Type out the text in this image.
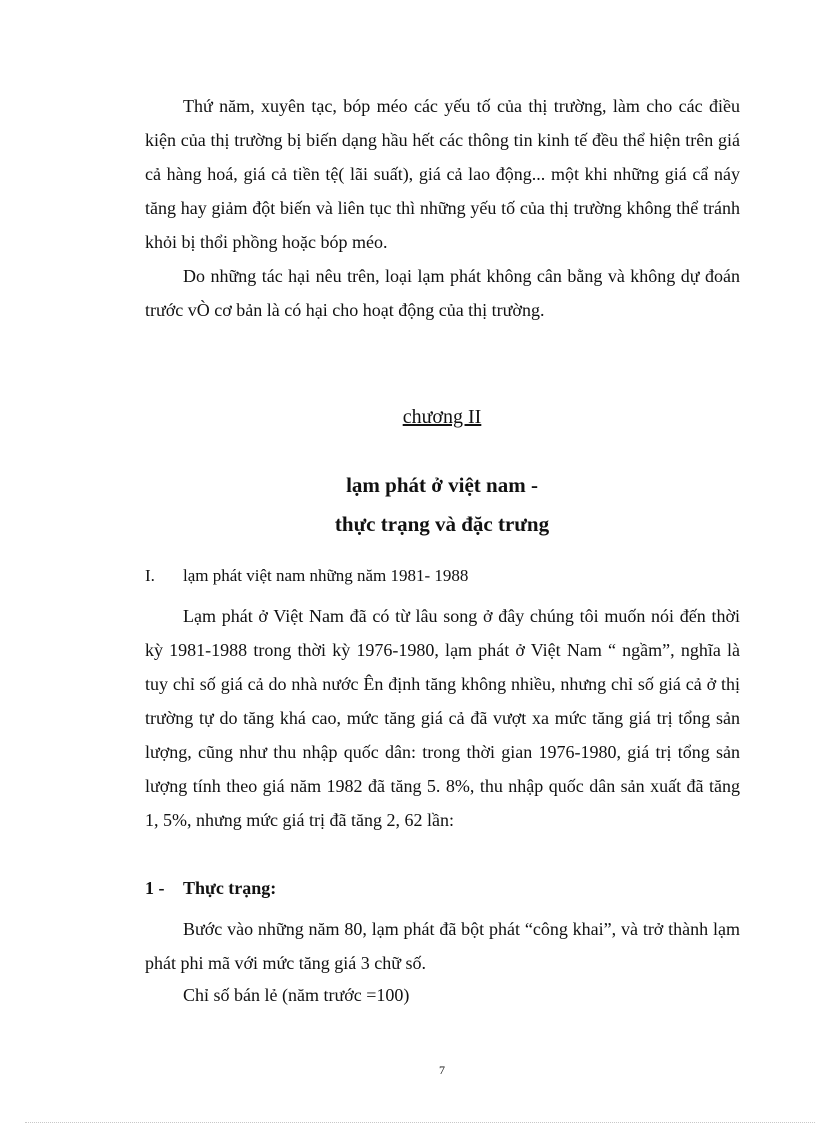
Thứ năm, xuyên tạc, bóp méo các yếu tố của thị trường, làm cho các điều kiện của thị trường bị biến dạng hầu hết các thông tin kinh tế đều thể hiện trên giá cả hàng hoá, giá cả tiền tệ( lãi suất), giá cả lao động... một khi những giá cẩ náy tăng hay giảm đột biến và liên tục thì những yếu tố của thị trường không thể tránh khỏi bị thổi phồng hoặc bóp méo.

Do những tác hại nêu trên, loại lạm phát không cân bằng và không dự đoán trước vÒ cơ bản là có hại cho hoạt động của thị trường.

chương II

lạm phát ở việt nam -

thực trạng và đặc trưng

I. lạm phát việt nam những năm 1981- 1988

Lạm phát ở Việt Nam đã có từ lâu song ở đây chúng tôi muốn nói đến thời kỳ 1981-1988 trong thời kỳ 1976-1980, lạm phát ở Việt Nam “ ngầm”, nghĩa là tuy chỉ số giá cả do nhà nước Ên định tăng không nhiều, nhưng chỉ số giá cả ở thị trường tự do tăng khá cao, mức tăng giá cả đã vượt xa mức tăng giá trị tổng sản lượng, cũng như thu nhập quốc dân: trong thời gian 1976-1980, giá trị tổng sản lượng tính theo giá năm 1982 đã tăng 5. 8%, thu nhập quốc dân sản xuất đã tăng 1, 5%, nhưng mức giá trị đã tăng 2, 62 lần:

1 - Thực trạng:

Bước vào những năm 80, lạm phát đã bột phát “công khai”, và trở thành lạm phát phi mã với mức tăng giá 3 chữ số.

Chỉ số bán lẻ (năm trước =100)

7
